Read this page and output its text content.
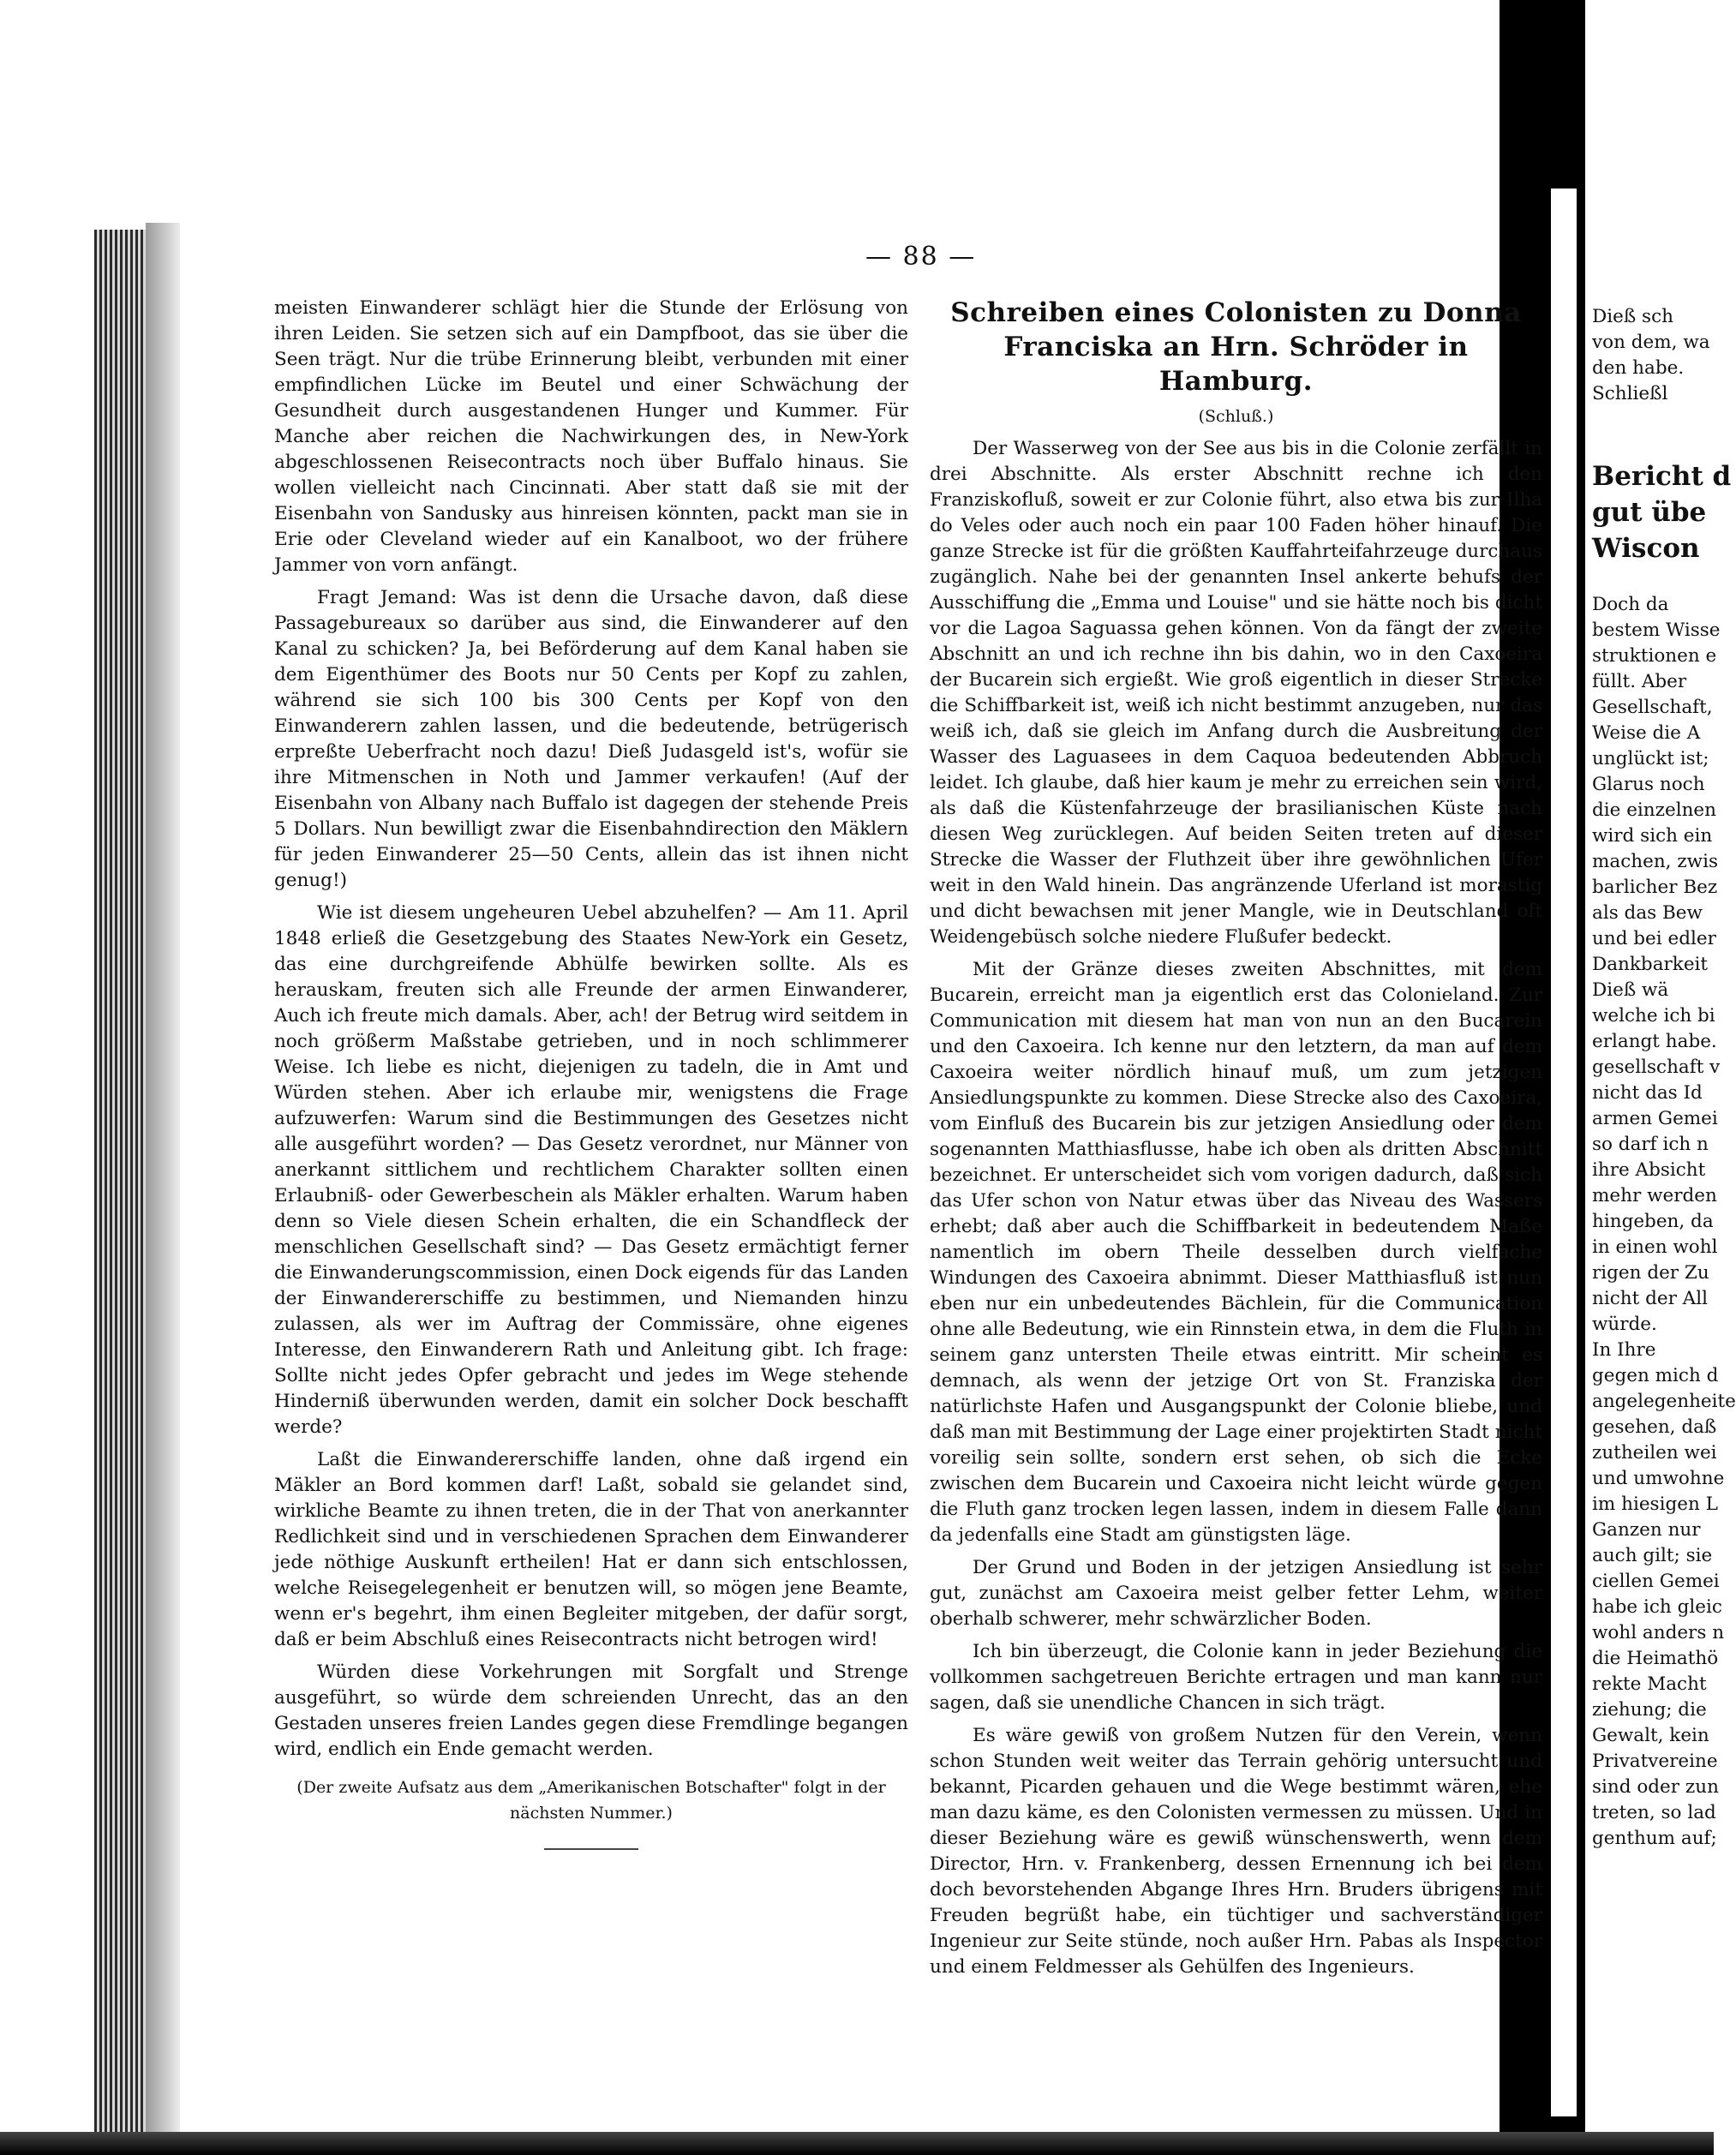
— 88 —

meisten Einwanderer schlägt hier die Stunde der Erlösung von ihren Leiden. Sie setzen sich auf ein Dampfboot, das sie über die Seen trägt. Nur die trübe Erinnerung bleibt, verbunden mit einer empfindlichen Lücke im Beutel und einer Schwächung der Gesundheit durch ausgestandenen Hunger und Kummer. Für Manche aber reichen die Nachwirkungen des, in New-York abgeschlossenen Reisecontracts noch über Buffalo hinaus. Sie wollen vielleicht nach Cincinnati. Aber statt daß sie mit der Eisenbahn von Sandusky aus hinreisen könnten, packt man sie in Erie oder Cleveland wieder auf ein Kanalboot, wo der frühere Jammer von vorn anfängt.

Fragt Jemand: Was ist denn die Ursache davon, daß diese Passagebureaux so darüber aus sind, die Einwanderer auf den Kanal zu schicken? Ja, bei Beförderung auf dem Kanal haben sie dem Eigenthümer des Boots nur 50 Cents per Kopf zu zahlen, während sie sich 100 bis 300 Cents per Kopf von den Einwanderern zahlen lassen, und die bedeutende, betrügerisch erpreßte Ueberfracht noch dazu! Dieß Judasgeld ist's, wofür sie ihre Mitmenschen in Noth und Jammer verkaufen! (Auf der Eisenbahn von Albany nach Buffalo ist dagegen der stehende Preis 5 Dollars. Nun bewilligt zwar die Eisenbahndirection den Mäklern für jeden Einwanderer 25—50 Cents, allein das ist ihnen nicht genug!)

Wie ist diesem ungeheuren Uebel abzuhelfen? — Am 11. April 1848 erließ die Gesetzgebung des Staates New-York ein Gesetz, das eine durchgreifende Abhülfe bewirken sollte. Als es herauskam, freuten sich alle Freunde der armen Einwanderer, Auch ich freute mich damals. Aber, ach! der Betrug wird seitdem in noch größerm Maßstabe getrieben, und in noch schlimmerer Weise. Ich liebe es nicht, diejenigen zu tadeln, die in Amt und Würden stehen. Aber ich erlaube mir, wenigstens die Frage aufzuwerfen: Warum sind die Bestimmungen des Gesetzes nicht alle ausgeführt worden? — Das Gesetz verordnet, nur Männer von anerkannt sittlichem und rechtlichem Charakter sollten einen Erlaubniß- oder Gewerbeschein als Mäkler erhalten. Warum haben denn so Viele diesen Schein erhalten, die ein Schandfleck der menschlichen Gesellschaft sind? — Das Gesetz ermächtigt ferner die Einwanderungscommission, einen Dock eigends für das Landen der Einwandererschiffe zu bestimmen, und Niemanden hinzu zulassen, als wer im Auftrag der Commissäre, ohne eigenes Interesse, den Einwanderern Rath und Anleitung gibt. Ich frage: Sollte nicht jedes Opfer gebracht und jedes im Wege stehende Hinderniß überwunden werden, damit ein solcher Dock beschafft werde?

Laßt die Einwandererschiffe landen, ohne daß irgend ein Mäkler an Bord kommen darf! Laßt, sobald sie gelandet sind, wirkliche Beamte zu ihnen treten, die in der That von anerkannter Redlichkeit sind und in verschiedenen Sprachen dem Einwanderer jede nöthige Auskunft ertheilen! Hat er dann sich entschlossen, welche Reisegelegenheit er benutzen will, so mögen jene Beamte, wenn er's begehrt, ihm einen Begleiter mitgeben, der dafür sorgt, daß er beim Abschluß eines Reisecontracts nicht betrogen wird!

Würden diese Vorkehrungen mit Sorgfalt und Strenge ausgeführt, so würde dem schreienden Unrecht, das an den Gestaden unseres freien Landes gegen diese Fremdlinge begangen wird, endlich ein Ende gemacht werden.

(Der zweite Aufsatz aus dem „Amerikanischen Botschafter" folgt in der nächsten Nummer.)

Schreiben eines Colonisten zu Donna Franciska an Hrn. Schröder in Hamburg.

(Schluß.)

Der Wasserweg von der See aus bis in die Colonie zerfällt in drei Abschnitte. Als erster Abschnitt rechne ich den Franziskofluß, soweit er zur Colonie führt, also etwa bis zur Ilha do Veles oder auch noch ein paar 100 Faden höher hinauf. Die ganze Strecke ist für die größten Kauffahrteifahrzeuge durchaus zugänglich. Nahe bei der genannten Insel ankerte behufs der Ausschiffung die „Emma und Louise" und sie hätte noch bis dicht vor die Lagoa Saguassa gehen können. Von da fängt der zweite Abschnitt an und ich rechne ihn bis dahin, wo in den Caxoeira der Bucarein sich ergießt. Wie groß eigentlich in dieser Strecke die Schiffbarkeit ist, weiß ich nicht bestimmt anzugeben, nur das weiß ich, daß sie gleich im Anfang durch die Ausbreitung der Wasser des Laguasees in dem Caquoa bedeutenden Abbruch leidet. Ich glaube, daß hier kaum je mehr zu erreichen sein wird, als daß die Küstenfahrzeuge der brasilianischen Küste nach diesen Weg zurücklegen. Auf beiden Seiten treten auf dieser Strecke die Wasser der Fluthzeit über ihre gewöhnlichen Ufer weit in den Wald hinein. Das angränzende Uferland ist morastig und dicht bewachsen mit jener Mangle, wie in Deutschland oft Weidengebüsch solche niedere Flußufer bedeckt.

Mit der Gränze dieses zweiten Abschnittes, mit dem Bucarein, erreicht man ja eigentlich erst das Colonieland. Zur Communication mit diesem hat man von nun an den Bucarein und den Caxoeira. Ich kenne nur den letztern, da man auf dem Caxoeira weiter nördlich hinauf muß, um zum jetzigen Ansiedlungspunkte zu kommen. Diese Strecke also des Caxoeira, vom Einfluß des Bucarein bis zur jetzigen Ansiedlung oder dem sogenannten Matthiasflusse, habe ich oben als dritten Abschnitt bezeichnet. Er unterscheidet sich vom vorigen dadurch, daß sich das Ufer schon von Natur etwas über das Niveau des Wassers erhebt; daß aber auch die Schiffbarkeit in bedeutendem Maße namentlich im obern Theile desselben durch vielfache Windungen des Caxoeira abnimmt. Dieser Matthiasfluß ist nun eben nur ein unbedeutendes Bächlein, für die Communication ohne alle Bedeutung, wie ein Rinnstein etwa, in dem die Fluth in seinem ganz untersten Theile etwas eintritt. Mir scheint es demnach, als wenn der jetzige Ort von St. Franziska der natürlichste Hafen und Ausgangspunkt der Colonie bliebe, und daß man mit Bestimmung der Lage einer projektirten Stadt nicht voreilig sein sollte, sondern erst sehen, ob sich die Ecke zwischen dem Bucarein und Caxoeira nicht leicht würde gegen die Fluth ganz trocken legen lassen, indem in diesem Falle dann da jedenfalls eine Stadt am günstigsten läge.

Der Grund und Boden in der jetzigen Ansiedlung ist sehr gut, zunächst am Caxoeira meist gelber fetter Lehm, weiter oberhalb schwerer, mehr schwärzlicher Boden.

Ich bin überzeugt, die Colonie kann in jeder Beziehung die vollkommen sachgetreuen Berichte ertragen und man kann nur sagen, daß sie unendliche Chancen in sich trägt.

Es wäre gewiß von großem Nutzen für den Verein, wenn schon Stunden weit weiter das Terrain gehörig untersucht und bekannt, Picarden gehauen und die Wege bestimmt wären, ehe man dazu käme, es den Colonisten vermessen zu müssen. Und in dieser Beziehung wäre es gewiß wünschenswerth, wenn dem Director, Hrn. v. Frankenberg, dessen Ernennung ich bei dem doch bevorstehenden Abgange Ihres Hrn. Bruders übrigens mit Freuden begrüßt habe, ein tüchtiger und sachverständiger Ingenieur zur Seite stünde, noch außer Hrn. Pabas als Inspector und einem Feldmesser als Gehülfen des Ingenieurs.

Dieß sch
von dem, wa
den habe.
Schließl
Bericht d
gut übe
Wiscon
Doch da
bestem Wisse
struktionen e
füllt. Aber
Gesellschaft,
Weise die A
unglückt ist;
Glarus noch
die einzelnen
wird sich ein
machen, zwis
barlicher Bez
als das Bew
und bei edler
Dankbarkeit
Dieß wä
welche ich bi
erlangt habe.
gesellschaft v
nicht das Id
armen Gemei
so darf ich n
ihre Absicht
mehr werden
hingeben, da
in einen wohl
rigen der Zu
nicht der All
würde.
In Ihre
gegen mich d
angelegenheite
gesehen, daß
zutheilen wei
und umwohne
im hiesigen L
Ganzen nur
auch gilt; sie
ciellen Gemei
habe ich gleic
wohl anders n
die Heimathö
rekte Macht
ziehung; die
Gewalt, kein
Privatvereine
sind oder zun
treten, so lad
genthum auf;
